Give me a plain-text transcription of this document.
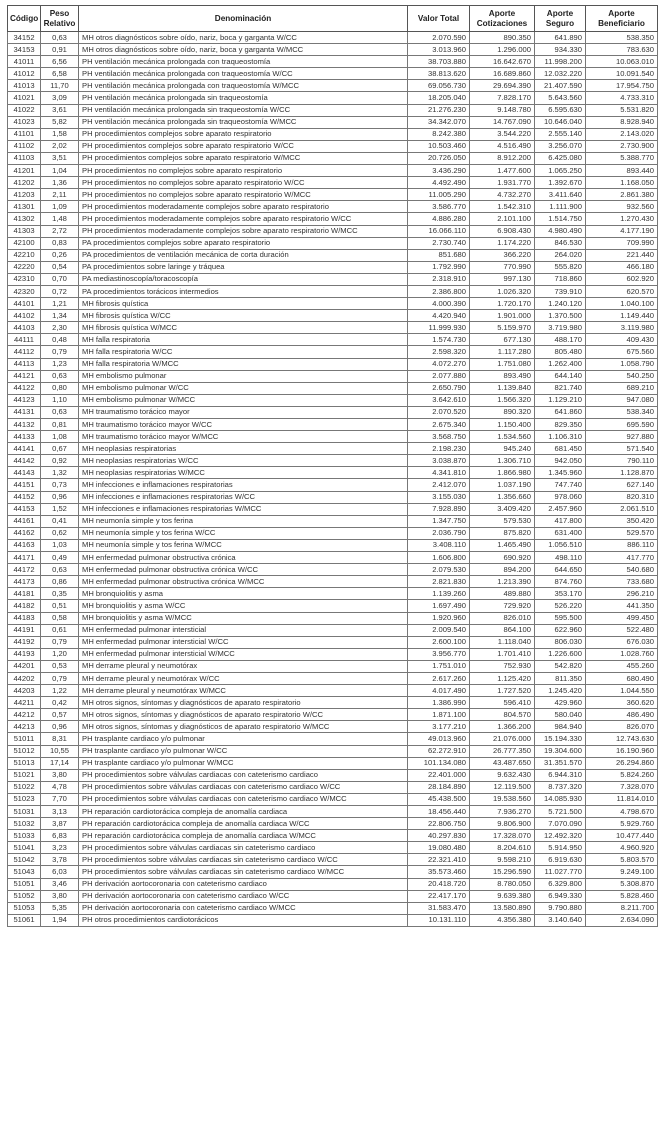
Código	Peso Relativo	Denominación	Valor Total	Aporte Cotizaciones	Aporte Seguro	Aporte Beneficiario
34152	0,63	MH otros diagnósticos sobre oído, nariz, boca y garganta W/CC	2.070.590	890.350	641.890	538.350
34153	0,91	MH otros diagnósticos sobre oído, nariz, boca y garganta W/MCC	3.013.960	1.296.000	934.330	783.630
41011	6,56	PH ventilación mecánica prolongada con traqueostomía	38.703.880	16.642.670	11.998.200	10.063.010
41012	6,58	PH ventilación mecánica prolongada con traqueostomía W/CC	38.813.620	16.689.860	12.032.220	10.091.540
41013	11,70	PH ventilación mecánica prolongada con traqueostomía W/MCC	69.056.730	29.694.390	21.407.590	17.954.750
41021	3,09	PH ventilación mecánica prolongada sin traqueostomía	18.205.040	7.828.170	5.643.560	4.733.310
41022	3,61	PH ventilación mecánica prolongada sin traqueostomía W/CC	21.276.230	9.148.780	6.595.630	5.531.820
41023	5,82	PH ventilación mecánica prolongada sin traqueostomía W/MCC	34.342.070	14.767.090	10.646.040	8.928.940
41101	1,58	PH procedimientos complejos sobre aparato respiratorio	8.242.380	3.544.220	2.555.140	2.143.020
41102	2,02	PH procedimientos complejos sobre aparato respiratorio W/CC	10.503.460	4.516.490	3.256.070	2.730.900
41103	3,51	PH procedimientos complejos sobre aparato respiratorio W/MCC	20.726.050	8.912.200	6.425.080	5.388.770
41201	1,04	PH procedimientos no complejos sobre aparato respiratorio	3.436.290	1.477.600	1.065.250	893.440
41202	1,36	PH procedimientos no complejos sobre aparato respiratorio W/CC	4.492.490	1.931.770	1.392.670	1.168.050
41203	2,11	PH procedimientos no complejos sobre aparato respiratorio W/MCC	11.005.290	4.732.270	3.411.640	2.861.380
41301	1,09	PH procedimientos moderadamente complejos sobre aparato respiratorio	3.586.770	1.542.310	1.111.900	932.560
41302	1,48	PH procedimientos moderadamente complejos sobre aparato respiratorio W/CC	4.886.280	2.101.100	1.514.750	1.270.430
41303	2,72	PH procedimientos moderadamente complejos sobre aparato respiratorio W/MCC	16.066.110	6.908.430	4.980.490	4.177.190
42100	0,83	PA procedimientos complejos sobre aparato respiratorio	2.730.740	1.174.220	846.530	709.990
42210	0,26	PA procedimientos de ventilación mecánica de corta duración	851.680	366.220	264.020	221.440
42220	0,54	PA procedimientos sobre laringe y tráquea	1.792.990	770.990	555.820	466.180
42310	0,70	PA mediastinoscopía/toracoscopía	2.318.910	997.130	718.860	602.920
42320	0,72	PA procedimientos torácicos intermedios	2.386.800	1.026.320	739.910	620.570
44101	1,21	MH fibrosis quística	4.000.390	1.720.170	1.240.120	1.040.100
44102	1,34	MH fibrosis quística W/CC	4.420.940	1.901.000	1.370.500	1.149.440
44103	2,30	MH fibrosis quística W/MCC	11.999.930	5.159.970	3.719.980	3.119.980
44111	0,48	MH falla respiratoria	1.574.730	677.130	488.170	409.430
44112	0,79	MH falla respiratoria W/CC	2.598.320	1.117.280	805.480	675.560
44113	1,23	MH falla respiratoria W/MCC	4.072.270	1.751.080	1.262.400	1.058.790
44121	0,63	MH embolismo pulmonar	2.077.880	893.490	644.140	540.250
44122	0,80	MH embolismo pulmonar W/CC	2.650.790	1.139.840	821.740	689.210
44123	1,10	MH embolismo pulmonar W/MCC	3.642.610	1.566.320	1.129.210	947.080
44131	0,63	MH traumatismo torácico mayor	2.070.520	890.320	641.860	538.340
44132	0,81	MH traumatismo torácico mayor W/CC	2.675.340	1.150.400	829.350	695.590
44133	1,08	MH traumatismo torácico mayor W/MCC	3.568.750	1.534.560	1.106.310	927.880
44141	0,67	MH neoplasias respiratorias	2.198.230	945.240	681.450	571.540
44142	0,92	MH neoplasias respiratorias W/CC	3.038.870	1.306.710	942.050	790.110
44143	1,32	MH neoplasias respiratorias W/MCC	4.341.810	1.866.980	1.345.960	1.128.870
44151	0,73	MH infecciones e inflamaciones respiratorias	2.412.070	1.037.190	747.740	627.140
44152	0,96	MH infecciones e inflamaciones respiratorias W/CC	3.155.030	1.356.660	978.060	820.310
44153	1,52	MH infecciones e inflamaciones respiratorias W/MCC	7.928.890	3.409.420	2.457.960	2.061.510
44161	0,41	MH neumonía simple y tos ferina	1.347.750	579.530	417.800	350.420
44162	0,62	MH neumonía simple y tos ferina W/CC	2.036.790	875.820	631.400	529.570
44163	1,03	MH neumonía simple y tos ferina W/MCC	3.408.110	1.465.490	1.056.510	886.110
44171	0,49	MH enfermedad pulmonar obstructiva crónica	1.606.800	690.920	498.110	417.770
44172	0,63	MH enfermedad pulmonar obstructiva crónica W/CC	2.079.530	894.200	644.650	540.680
44173	0,86	MH enfermedad pulmonar obstructiva crónica W/MCC	2.821.830	1.213.390	874.760	733.680
44181	0,35	MH bronquiolitis y asma	1.139.260	489.880	353.170	296.210
44182	0,51	MH bronquiolitis y asma W/CC	1.697.490	729.920	526.220	441.350
44183	0,58	MH bronquiolitis y asma W/MCC	1.920.960	826.010	595.500	499.450
44191	0,61	MH enfermedad pulmonar intersticial	2.009.540	864.100	622.960	522.480
44192	0,79	MH enfermedad pulmonar intersticial W/CC	2.600.100	1.118.040	806.030	676.030
44193	1,20	MH enfermedad pulmonar intersticial W/MCC	3.956.770	1.701.410	1.226.600	1.028.760
44201	0,53	MH derrame pleural y neumotórax	1.751.010	752.930	542.820	455.260
44202	0,79	MH derrame pleural y neumotórax W/CC	2.617.260	1.125.420	811.350	680.490
44203	1,22	MH derrame pleural y neumotórax W/MCC	4.017.490	1.727.520	1.245.420	1.044.550
44211	0,42	MH otros signos, síntomas y diagnósticos de aparato respiratorio	1.386.990	596.410	429.960	360.620
44212	0,57	MH otros signos, síntomas y diagnósticos de aparato respiratorio W/CC	1.871.100	804.570	580.040	486.490
44213	0,96	MH otros signos, síntomas y diagnósticos de aparato respiratorio W/MCC	3.177.210	1.366.200	984.940	826.070
51011	8,31	PH trasplante cardiaco y/o pulmonar	49.013.960	21.076.000	15.194.330	12.743.630
51012	10,55	PH trasplante cardiaco y/o pulmonar W/CC	62.272.910	26.777.350	19.304.600	16.190.960
51013	17,14	PH trasplante cardiaco y/o pulmonar W/MCC	101.134.080	43.487.650	31.351.570	26.294.860
51021	3,80	PH procedimientos sobre válvulas cardiacas con cateterismo cardiaco	22.401.000	9.632.430	6.944.310	5.824.260
51022	4,78	PH procedimientos sobre válvulas cardiacas con cateterismo cardiaco W/CC	28.184.890	12.119.500	8.737.320	7.328.070
51023	7,70	PH procedimientos sobre válvulas cardiacas con cateterismo cardiaco W/MCC	45.438.500	19.538.560	14.085.930	11.814.010
51031	3,13	PH reparación cardiotorácica compleja de anomalía cardiaca	18.456.440	7.936.270	5.721.500	4.798.670
51032	3,87	PH reparación cardiotorácica compleja de anomalía cardiaca W/CC	22.806.750	9.806.900	7.070.090	5.929.760
51033	6,83	PH reparación cardiotorácica compleja de anomalía cardiaca W/MCC	40.297.830	17.328.070	12.492.320	10.477.440
51041	3,23	PH procedimientos sobre válvulas cardiacas sin cateterismo cardiaco	19.080.480	8.204.610	5.914.950	4.960.920
51042	3,78	PH procedimientos sobre válvulas cardiacas sin cateterismo cardiaco W/CC	22.321.410	9.598.210	6.919.630	5.803.570
51043	6,03	PH procedimientos sobre válvulas cardiacas sin cateterismo cardiaco W/MCC	35.573.460	15.296.590	11.027.770	9.249.100
51051	3,46	PH derivación aortocoronaria con cateterismo cardiaco	20.418.720	8.780.050	6.329.800	5.308.870
51052	3,80	PH derivación aortocoronaria con cateterismo cardiaco W/CC	22.417.170	9.639.380	6.949.330	5.828.460
51053	5,35	PH derivación aortocoronaria con cateterismo cardiaco W/MCC	31.583.470	13.580.890	9.790.880	8.211.700
51061	1,94	PH otros procedimientos cardiotorácicos	10.131.110	4.356.380	3.140.640	2.634.090
